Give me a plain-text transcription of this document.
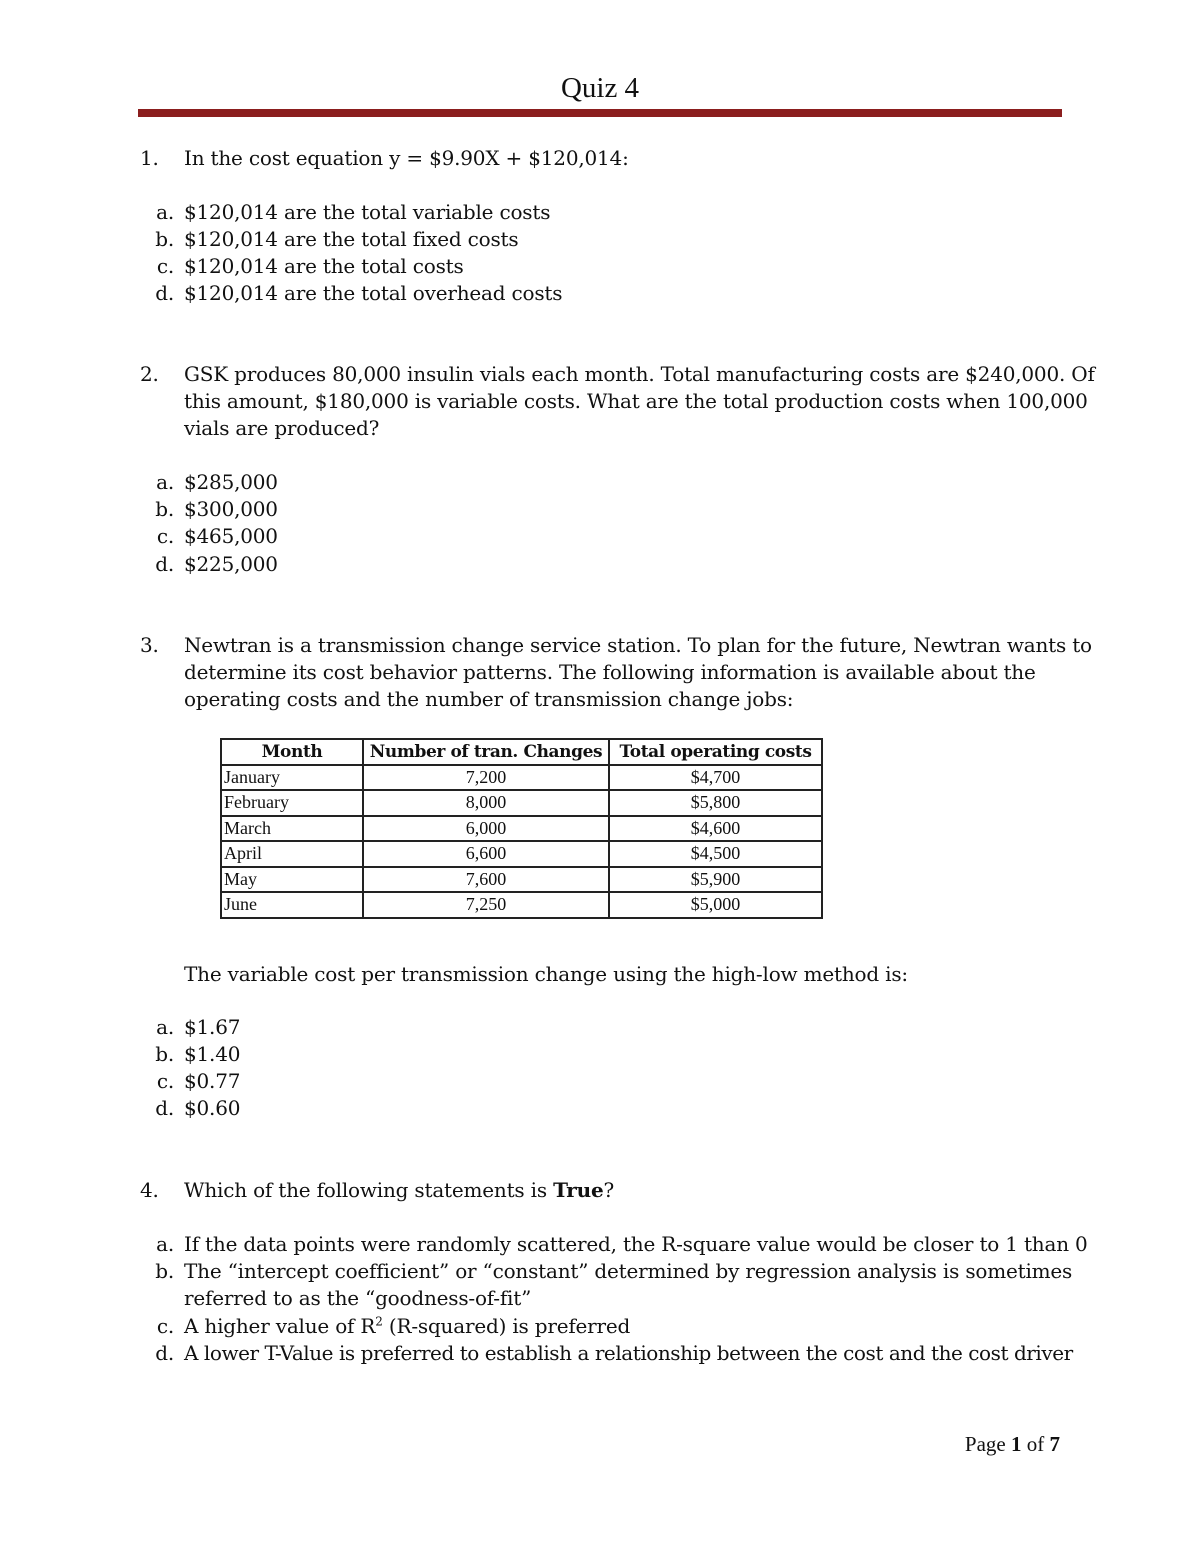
Quiz 4
1. In the cost equation y = $9.90X + $120,014:
a. $120,014 are the total variable costs
b. $120,014 are the total fixed costs
c. $120,014 are the total costs
d. $120,014 are the total overhead costs
2. GSK produces 80,000 insulin vials each month. Total manufacturing costs are $240,000. Of
this amount, $180,000 is variable costs. What are the total production costs when 100,000
vials are produced?
a. $285,000
b. $300,000
c. $465,000
d. $225,000
3. Newtran is a transmission change service station. To plan for the future, Newtran wants to
determine its cost behavior patterns. The following information is available about the
operating costs and the number of transmission change jobs:
Month	Number of tran. Changes	Total operating costs
January	7,200	$4,700
February	8,000	$5,800
March	6,000	$4,600
April	6,600	$4,500
May	7,600	$5,900
June	7,250	$5,000
The variable cost per transmission change using the high-low method is:
a. $1.67
b. $1.40
c. $0.77
d. $0.60
4. Which of the following statements is True?
a. If the data points were randomly scattered, the R-square value would be closer to 1 than 0
b. The “intercept coefficient” or “constant” determined by regression analysis is sometimes
referred to as the “goodness-of-fit”
c. A higher value of $R^2$ (R-squared) is preferred
d. A lower T-Value is preferred to establish a relationship between the cost and the cost driver
Page 1 of 7
